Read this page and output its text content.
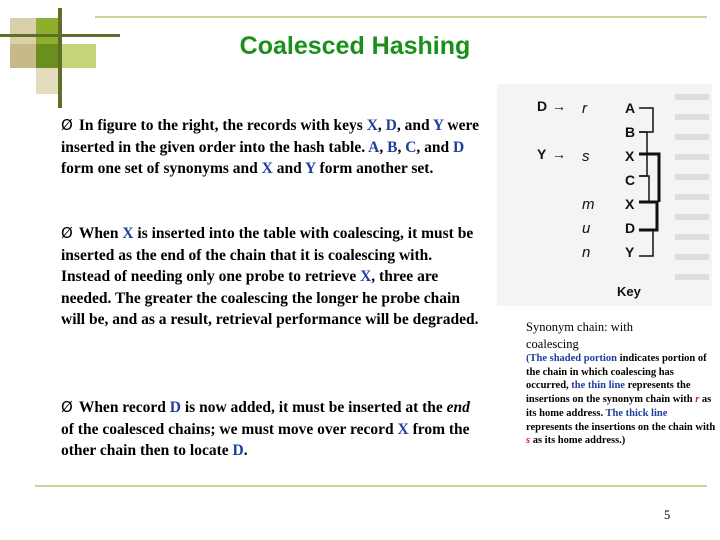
Coalesced Hashing
Ø In figure to the right, the records with keys X, D, and Y were inserted in the given order into the hash table. A, B, C, and D form one set of synonyms and X and Y form another set.
Ø When X is inserted into the table with coalescing, it must be inserted as the end of the chain that it is coalescing with.
Instead of needing only one probe to retrieve X, three are needed. The greater the coalescing the longer he probe chain will be, and as a result, retrieval performance will be degraded.
Ø When record D is now added, it must be inserted at the end of the coalesced chains; we must move over record X from the other chain then to locate D.
r
s
m
u
n
A
B
X
C
X
D
Y
D →
Y →
Key
Synonym chain: with coalescing
(The shaded portion indicates portion of the chain in which coalescing has occurred, the thin line represents the insertions on the synonym chain with r as its home address. The thick line represents the insertions on the chain with s as its home address.)
5
